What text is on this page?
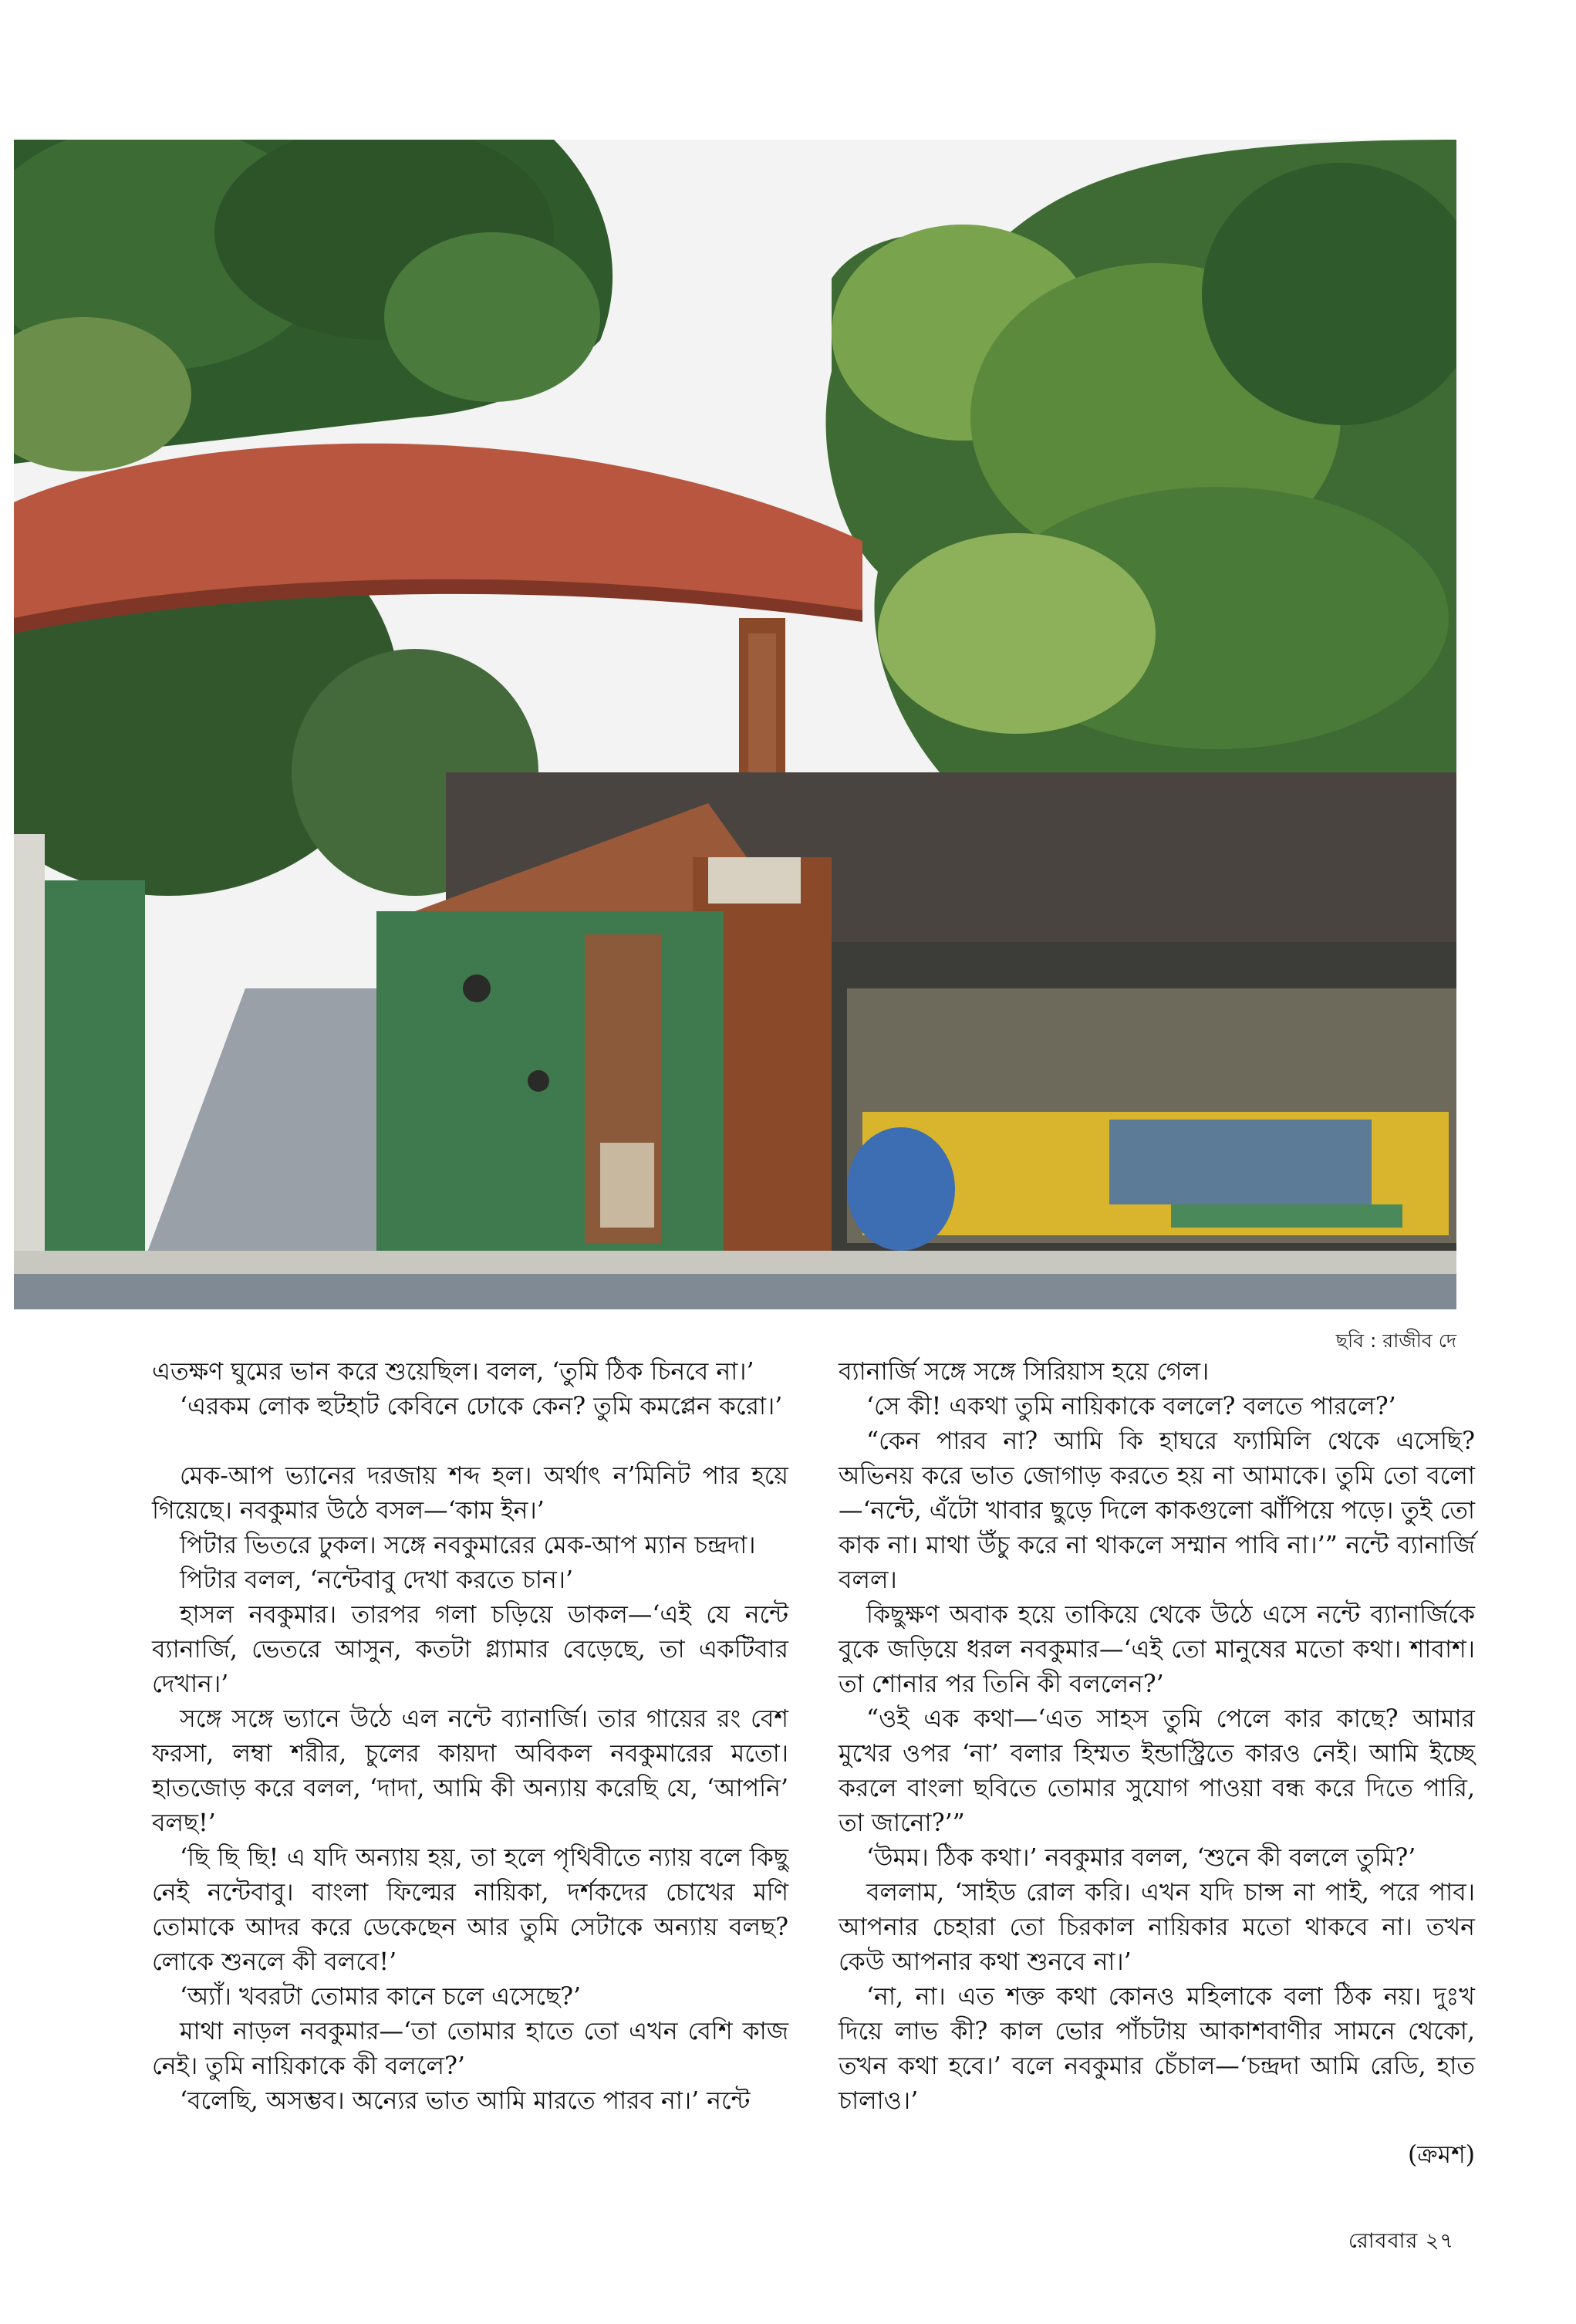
ছবি : রাজীব দে

এতক্ষণ ঘুমের ভান করে শুয়েছিল। বলল, ‘তুমি ঠিক চিনবে না।’

‘এরকম লোক হুটহাট কেবিনে ঢোকে কেন? তুমি কমপ্লেন করো।’

মেক-আপ ভ্যানের দরজায় শব্দ হল। অর্থাৎ ন’মিনিট পার হয়ে গিয়েছে। নবকুমার উঠে বসল—‘কাম ইন।’

পিটার ভিতরে ঢুকল। সঙ্গে নবকুমারের মেক-আপ ম্যান চন্দ্রদা।

পিটার বলল, ‘নন্টেবাবু দেখা করতে চান।’

হাসল নবকুমার। তারপর গলা চড়িয়ে ডাকল—‘এই যে নন্টে ব্যানার্জি, ভেতরে আসুন, কতটা গ্ল্যামার বেড়েছে, তা একটিবার দেখান।’

সঙ্গে সঙ্গে ভ্যানে উঠে এল নন্টে ব্যানার্জি। তার গায়ের রং বেশ ফরসা, লম্বা শরীর, চুলের কায়দা অবিকল নবকুমারের মতো। হাতজোড় করে বলল, ‘দাদা, আমি কী অন্যায় করেছি যে, ‘আপনি’ বলছ!’

‘ছি ছি ছি! এ যদি অন্যায় হয়, তা হলে পৃথিবীতে ন্যায় বলে কিছু নেই নন্টেবাবু। বাংলা ফিল্মের নায়িকা, দর্শকদের চোখের মণি তোমাকে আদর করে ডেকেছেন আর তুমি সেটাকে অন্যায় বলছ? লোকে শুনলে কী বলবে!’

‘অ্যাঁ। খবরটা তোমার কানে চলে এসেছে?’

মাথা নাড়ল নবকুমার—‘তা তোমার হাতে তো এখন বেশি কাজ নেই। তুমি নায়িকাকে কী বললে?’

‘বলেছি, অসম্ভব। অন্যের ভাত আমি মারতে পারব না।’ নন্টে

ব্যানার্জি সঙ্গে সঙ্গে সিরিয়াস হয়ে গেল।

‘সে কী! একথা তুমি নায়িকাকে বললে? বলতে পারলে?’

“কেন পারব না? আমি কি হাঘরে ফ্যামিলি থেকে এসেছি? অভিনয় করে ভাত জোগাড় করতে হয় না আমাকে। তুমি তো বলো—‘নন্টে, এঁটো খাবার ছুড়ে দিলে কাকগুলো ঝাঁপিয়ে পড়ে। তুই তো কাক না। মাথা উঁচু করে না থাকলে সম্মান পাবি না।’” নন্টে ব্যানার্জি বলল।

কিছুক্ষণ অবাক হয়ে তাকিয়ে থেকে উঠে এসে নন্টে ব্যানার্জিকে বুকে জড়িয়ে ধরল নবকুমার—‘এই তো মানুষের মতো কথা। শাবাশ। তা শোনার পর তিনি কী বললেন?’

“ওই এক কথা—‘এত সাহস তুমি পেলে কার কাছে? আমার মুখের ওপর ‘না’ বলার হিম্মত ইন্ডাস্ট্রিতে কারও নেই। আমি ইচ্ছে করলে বাংলা ছবিতে তোমার সুযোগ পাওয়া বন্ধ করে দিতে পারি, তা জানো?’”

‘উমম। ঠিক কথা।’ নবকুমার বলল, ‘শুনে কী বললে তুমি?’

বললাম, ‘সাইড রোল করি। এখন যদি চান্স না পাই, পরে পাব। আপনার চেহারা তো চিরকাল নায়িকার মতো থাকবে না। তখন কেউ আপনার কথা শুনবে না।’

‘না, না। এত শক্ত কথা কোনও মহিলাকে বলা ঠিক নয়। দুঃখ দিয়ে লাভ কী? কাল ভোর পাঁচটায় আকাশবাণীর সামনে থেকো, তখন কথা হবে।’ বলে নবকুমার চেঁচাল—‘চন্দ্রদা আমি রেডি, হাত চালাও।’

(ক্রমশ)

রোববার ২৭
